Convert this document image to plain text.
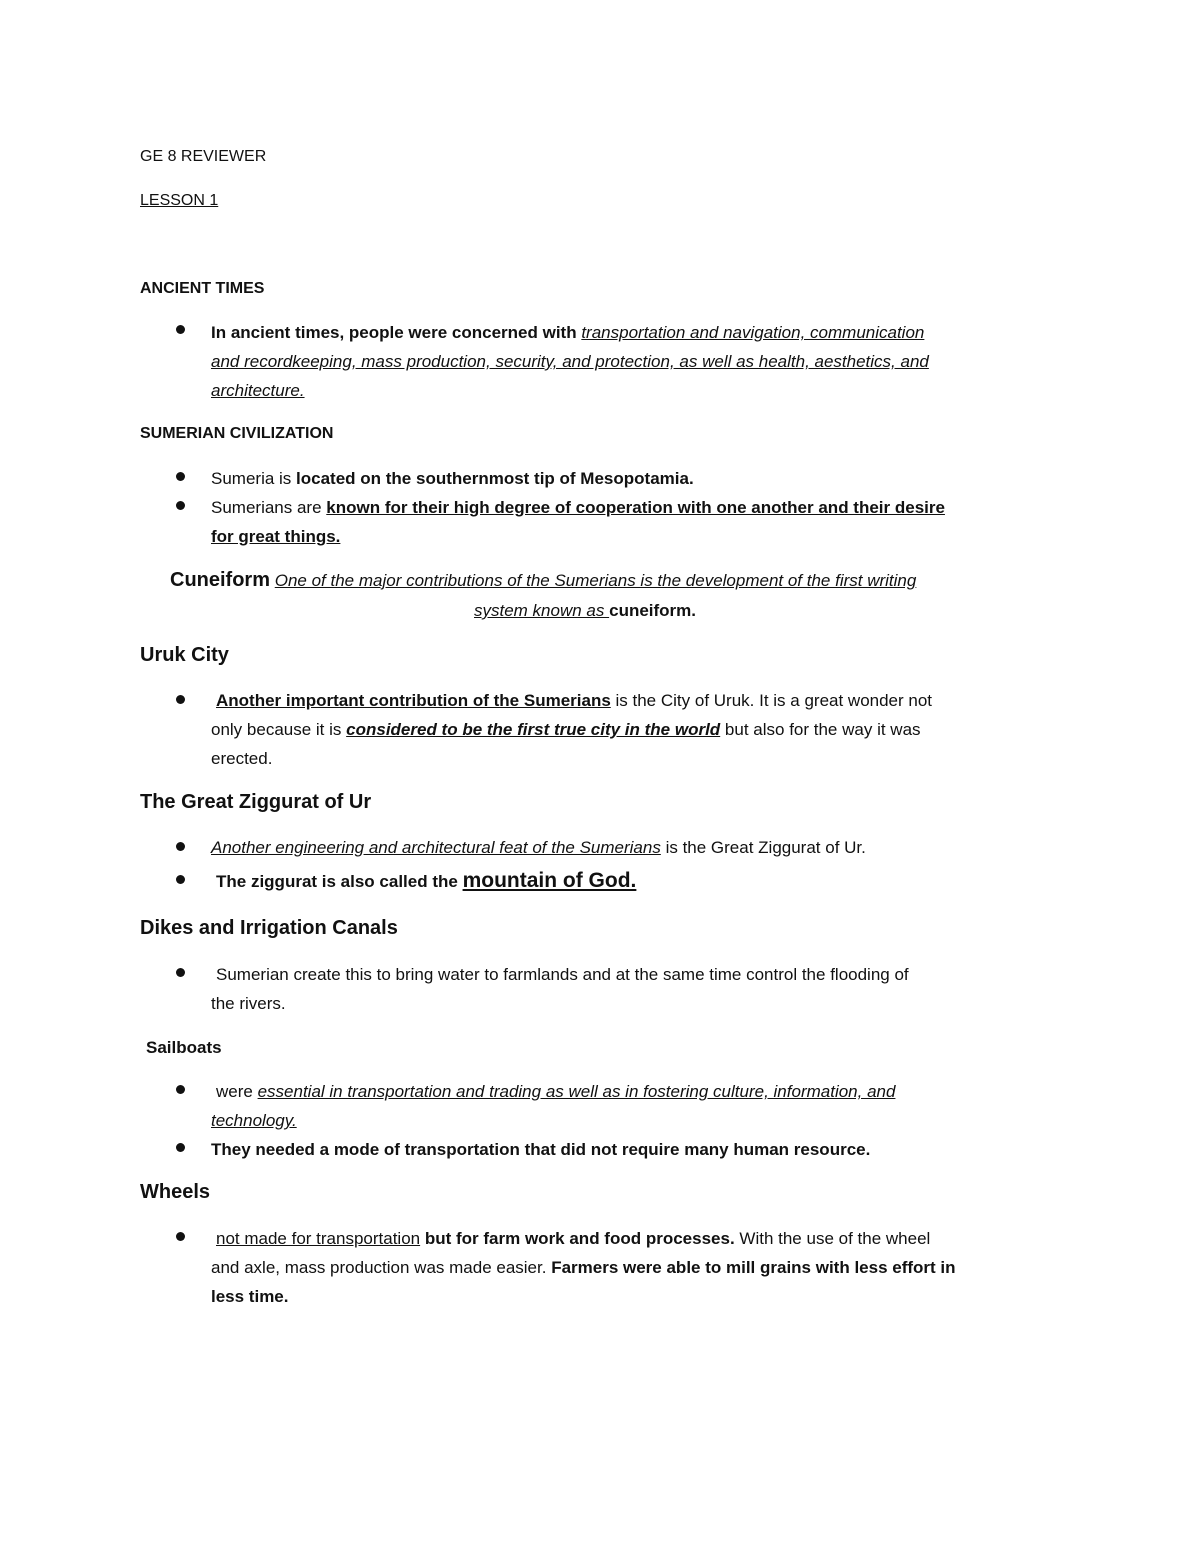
GE 8 REVIEWER
LESSON 1
ANCIENT TIMES
In ancient times, people were concerned with transportation and navigation, communication
and recordkeeping, mass production, security, and protection, as well as health, aesthetics, and
architecture.
SUMERIAN CIVILIZATION
Sumeria is located on the southernmost tip of Mesopotamia.
Sumerians are known for their high degree of cooperation with one another and their desire
for great things.
Cuneiform One of the major contributions of the Sumerians is the development of the first writing
system known as cuneiform.
Uruk City
Another important contribution of the Sumerians is the City of Uruk. It is a great wonder not
only because it is considered to be the first true city in the world but also for the way it was
erected.
The Great Ziggurat of Ur
Another engineering and architectural feat of the Sumerians is the Great Ziggurat of Ur.
The ziggurat is also called the mountain of God.
Dikes and Irrigation Canals
Sumerian create this to bring water to farmlands and at the same time control the flooding of
the rivers.
Sailboats
were essential in transportation and trading as well as in fostering culture, information, and
technology.
They needed a mode of transportation that did not require many human resource.
Wheels
not made for transportation but for farm work and food processes. With the use of the wheel
and axle, mass production was made easier. Farmers were able to mill grains with less effort in
less time.
